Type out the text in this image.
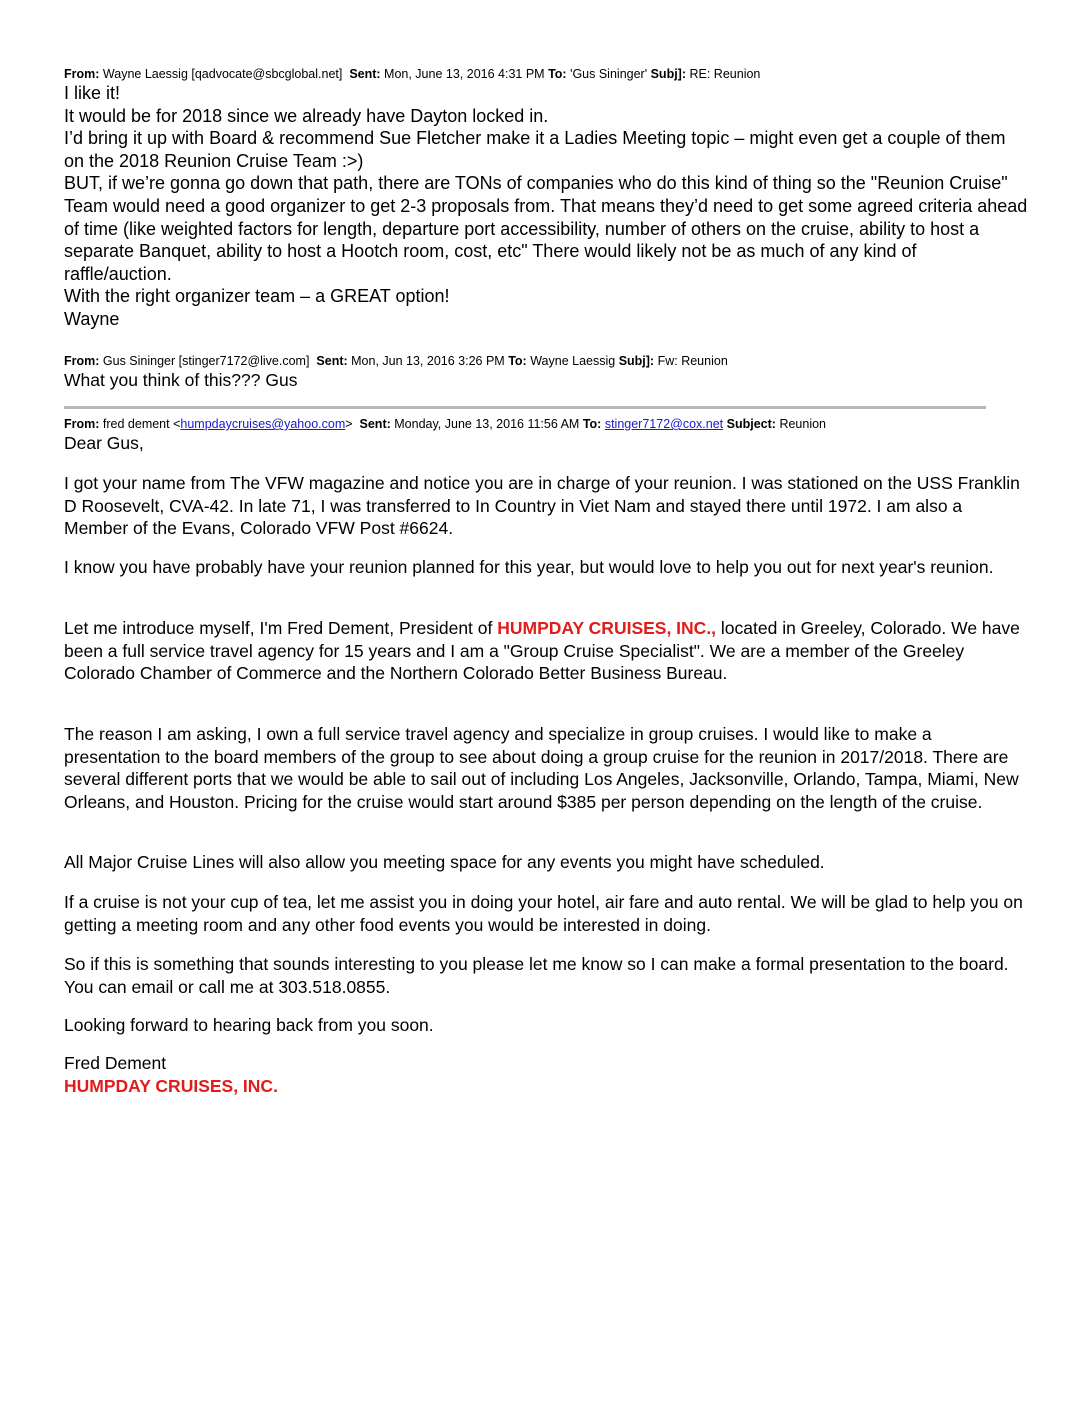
From: Wayne Laessig [qadvocate@sbcglobal.net] Sent: Mon, June 13, 2016 4:31 PM To: 'Gus Sininger' Subj]: RE: Reunion

I like it!

It would be for 2018 since we already have Dayton locked in.

I’d bring it up with Board & recommend Sue Fletcher make it a Ladies Meeting topic – might even get a couple of them on the 2018 Reunion Cruise Team :>)

BUT, if we’re gonna go down that path, there are TONs of companies who do this kind of thing so the "Reunion Cruise" Team would need a good organizer to get 2-3 proposals from. That means they’d need to get some agreed criteria ahead of time (like weighted factors for length, departure port accessibility, number of others on the cruise, ability to host a separate Banquet, ability to host a Hootch room, cost, etc" There would likely not be as much of any kind of raffle/auction.

With the right organizer team – a GREAT option!

Wayne

From: Gus Sininger [stinger7172@live.com] Sent: Mon, Jun 13, 2016 3:26 PM To: Wayne Laessig Subj]: Fw: Reunion
What you think of this??? Gus
From: fred dement <humpdaycruises@yahoo.com> Sent: Monday, June 13, 2016 11:56 AM To: stinger7172@cox.net Subject: Reunion
Dear Gus,
I got your name from The VFW magazine and notice you are in charge of your reunion. I was stationed on the USS Franklin D Roosevelt, CVA-42. In late 71, I was transferred to In Country in Viet Nam and stayed there until 1972. I am also a Member of the Evans, Colorado VFW Post #6624.
I know you have probably have your reunion planned for this year, but would love to help you out for next year's reunion.
Let me introduce myself, I'm Fred Dement, President of HUMPDAY CRUISES, INC., located in Greeley, Colorado. We have been a full service travel agency for 15 years and I am a "Group Cruise Specialist". We are a member of the Greeley Colorado Chamber of Commerce and the Northern Colorado Better Business Bureau.
The reason I am asking, I own a full service travel agency and specialize in group cruises. I would like to make a presentation to the board members of the group to see about doing a group cruise for the reunion in 2017/2018. There are several different ports that we would be able to sail out of including Los Angeles, Jacksonville, Orlando, Tampa, Miami, New Orleans, and Houston. Pricing for the cruise would start around $385 per person depending on the length of the cruise.
All Major Cruise Lines will also allow you meeting space for any events you might have scheduled.
If a cruise is not your cup of tea, let me assist you in doing your hotel, air fare and auto rental. We will be glad to help you on getting a meeting room and any other food events you would be interested in doing.
So if this is something that sounds interesting to you please let me know so I can make a formal presentation to the board. You can email or call me at 303.518.0855.
Looking forward to hearing back from you soon.

Fred Dement

HUMPDAY CRUISES, INC.
